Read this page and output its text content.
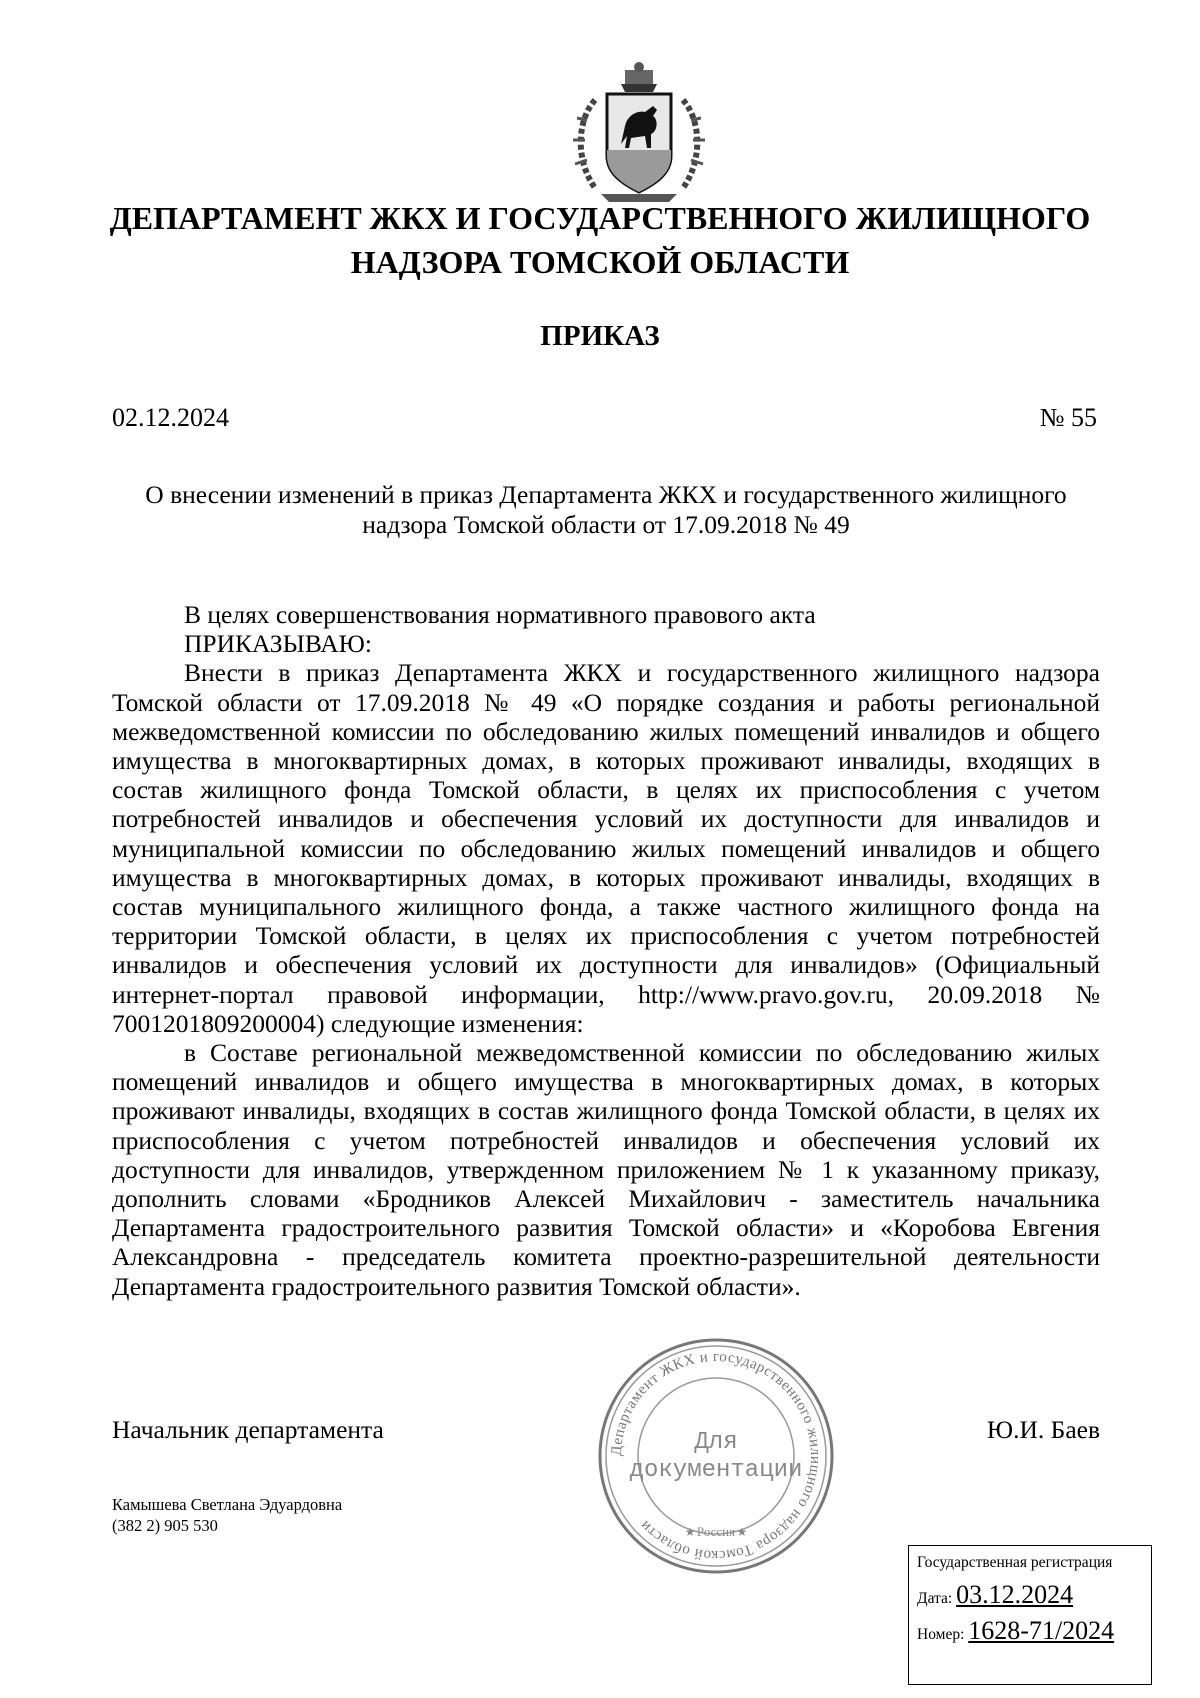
ДЕПАРТАМЕНТ ЖКХ И ГОСУДАРСТВЕННОГО ЖИЛИЩНОГО
НАДЗОРА ТОМСКОЙ ОБЛАСТИ
ПРИКАЗ
02.12.2024	№ 55
О внесении изменений в приказ Департамента ЖКХ и государственного жилищного
надзора Томской области от 17.09.2018 № 49

В целях совершенствования нормативного правового акта

ПРИКАЗЫВАЮ:

Внести в приказ Департамента ЖКХ и государственного жилищного надзора Томской области от 17.09.2018 № 49 «О порядке создания и работы региональной межведомственной комиссии по обследованию жилых помещений инвалидов и общего имущества в многоквартирных домах, в которых проживают инвалиды, входящих в состав жилищного фонда Томской области, в целях их приспособления с учетом потребностей инвалидов и обеспечения условий их доступности для инвалидов и муниципальной комиссии по обследованию жилых помещений инвалидов и общего имущества в многоквартирных домах, в которых проживают инвалиды, входящих в состав муниципального жилищного фонда, а также частного жилищного фонда на территории Томской области, в целях их приспособления с учетом потребностей инвалидов и обеспечения условий их доступности для инвалидов» (Официальный интернет-портал правовой информации, http://www.pravo.gov.ru, 20.09.2018 № 7001201809200004) следующие изменения:

в Составе региональной межведомственной комиссии по обследованию жилых помещений инвалидов и общего имущества в многоквартирных домах, в которых проживают инвалиды, входящих в состав жилищного фонда Томской области, в целях их приспособления с учетом потребностей инвалидов и обеспечения условий их доступности для инвалидов, утвержденном приложением № 1 к указанному приказу, дополнить словами «Бродников Алексей Михайлович - заместитель начальника Департамента градостроительного развития Томской области» и «Коробова Евгения Александровна - председатель комитета проектно-разрешительной деятельности Департамента градостроительного развития Томской области».

Начальник департамента	Ю.И. Баев
Департамент ЖКХ и государственного жилищного надзора Томской области
Для
документации
Россия
★	★
Камышева Светлана Эдуардовна
(382 2) 905 530
Государственная регистрация
Дата: 03.12.2024
Номер: 1628-71/2024
